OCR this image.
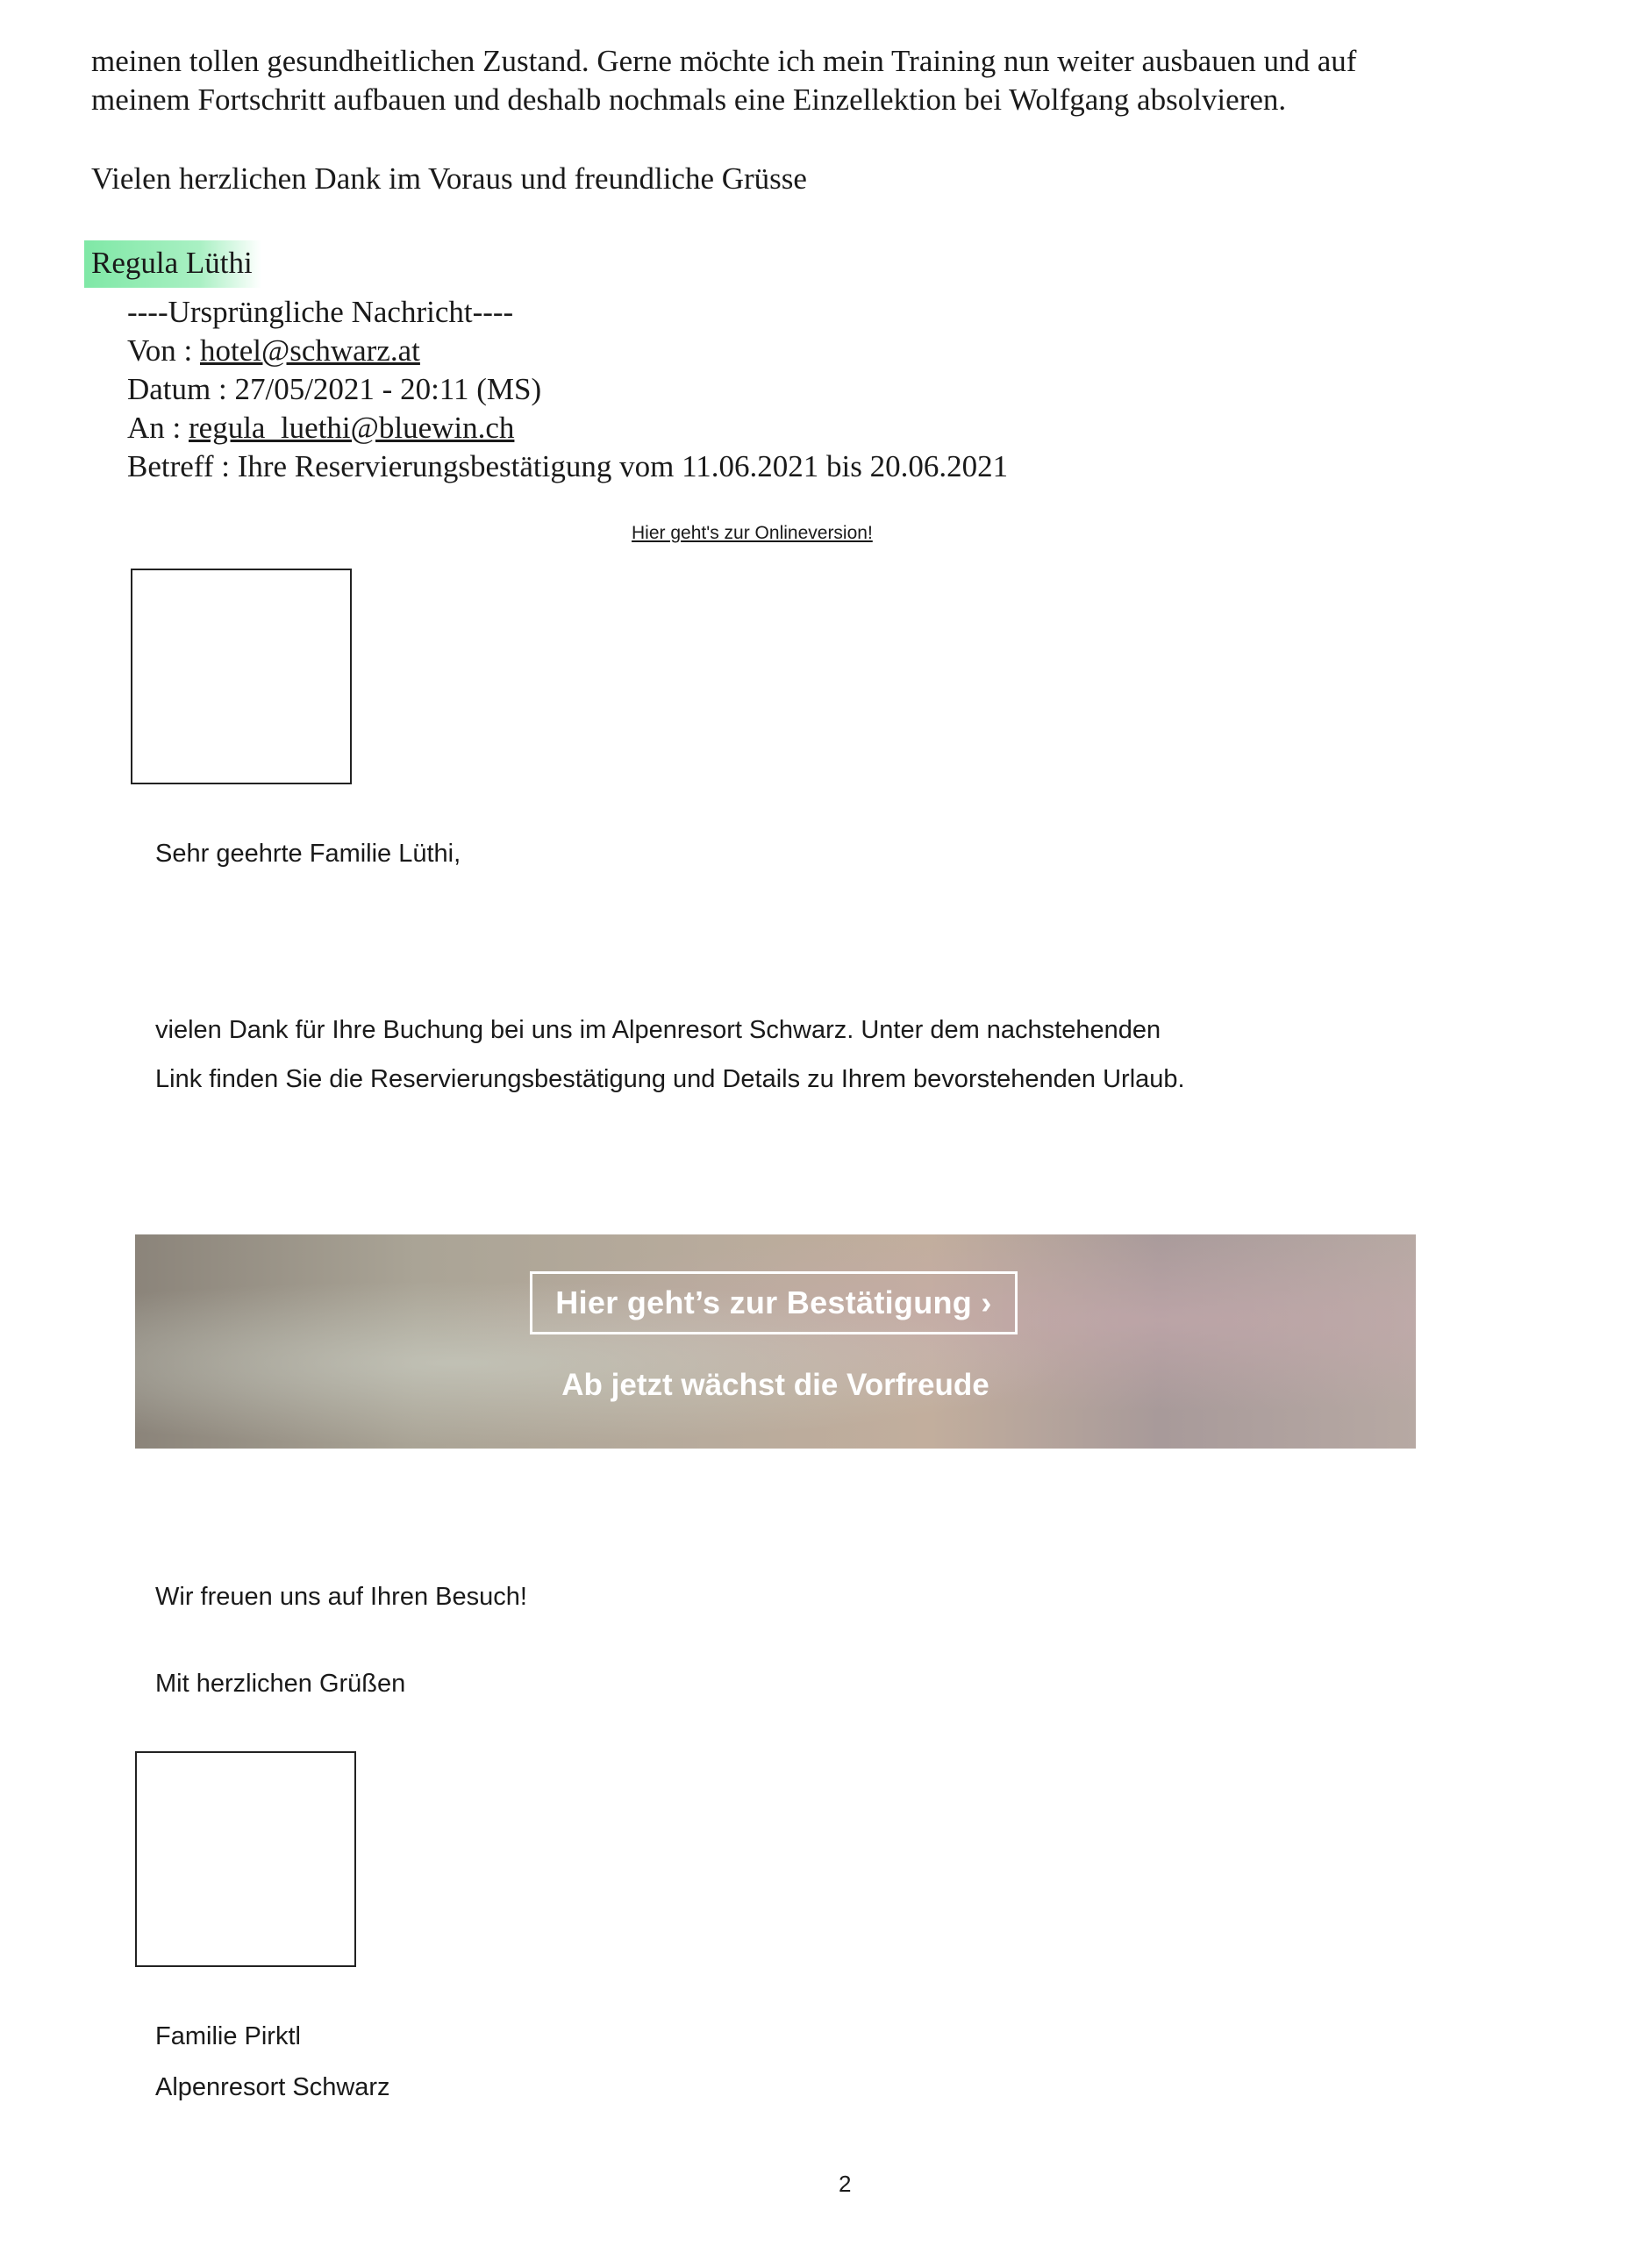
meinen tollen gesundheitlichen Zustand. Gerne möchte ich mein Training nun weiter ausbauen und auf

meinem Fortschritt aufbauen und deshalb nochmals eine Einzellektion bei Wolfgang absolvieren.

Vielen herzlichen Dank im Voraus und freundliche Grüsse
Regula Lüthi
----Ursprüngliche Nachricht----
Von : hotel@schwarz.at
Datum : 27/05/2021 - 20:11 (MS)
An : regula_luethi@bluewin.ch
Betreff : Ihre Reservierungsbestätigung vom 11.06.2021 bis 20.06.2021
Hier geht's zur Onlineversion!
Sehr geehrte Familie Lüthi,
vielen Dank für Ihre Buchung bei uns im Alpenresort Schwarz. Unter dem nachstehenden
Link finden Sie die Reservierungsbestätigung und Details zu Ihrem bevorstehenden Urlaub.
Hier geht’s zur Bestätigung ›
Ab jetzt wächst die Vorfreude
Wir freuen uns auf Ihren Besuch!
Mit herzlichen Grüßen
Familie Pirktl
Alpenresort Schwarz
2
